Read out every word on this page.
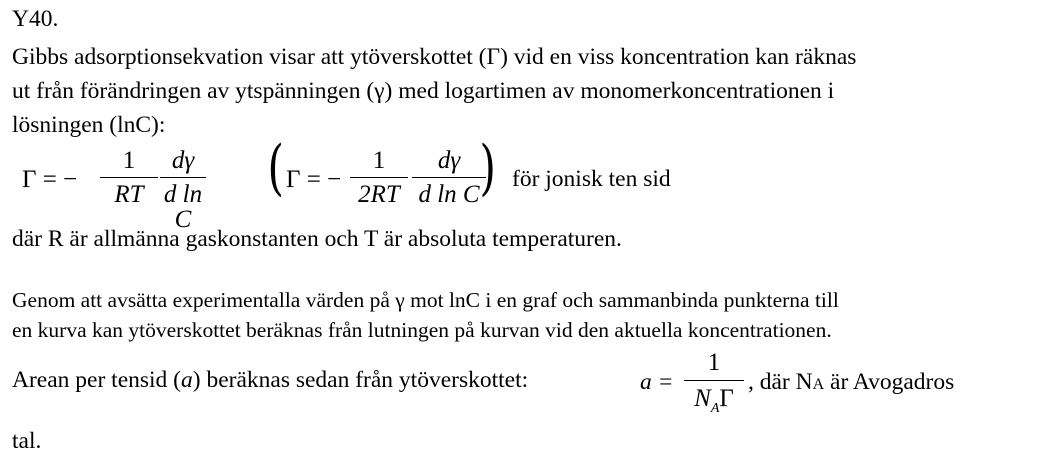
Y40.
Gibbs adsorptionsekvation visar att ytöverskottet (Γ) vid en viss koncentration kan räknas
ut från förändringen av ytspänningen (γ) med logartimen av monomerkoncentrationen i
lösningen (lnC):
Γ = −
1
RT
dγ
d ln C
( Γ = −
1
2RT
dγ
d ln C ) för jonisk ten sid
där R är allmänna gaskonstanten och T är absoluta temperaturen.
Genom att avsätta experimentalla värden på γ mot lnC i en graf och sammanbinda punkterna till
en kurva kan ytöverskottet beräknas från lutningen på kurvan vid den aktuella koncentrationen.
Arean per tensid (a) beräknas sedan från ytöverskottet:	a =
1
$N_A\Gamma$
, där NA är Avogadros
tal.
